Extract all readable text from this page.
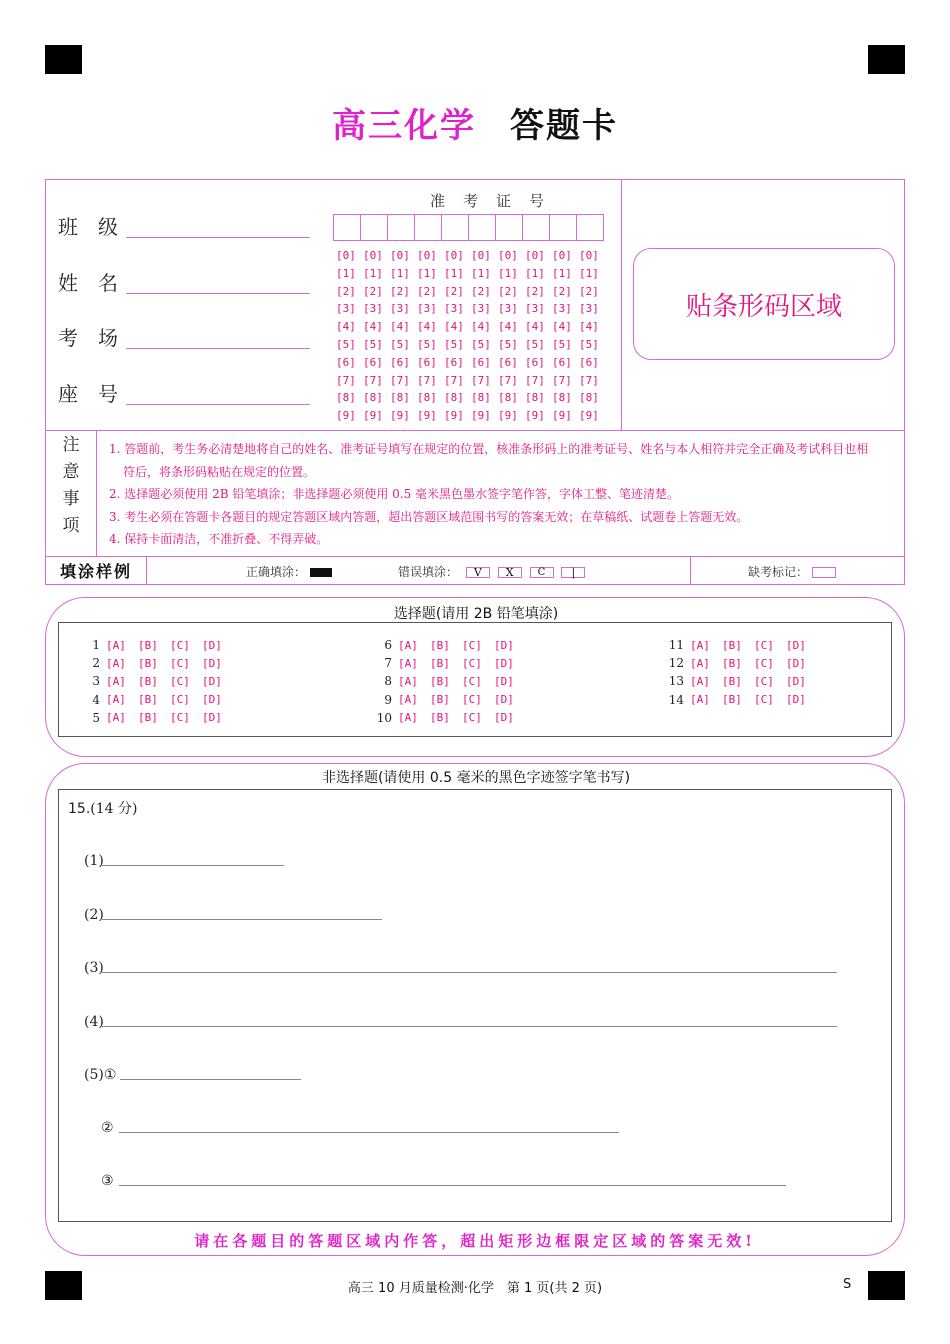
高三化学 答题卡
班　级
姓　名
考　场
座　号
准考证号
[0] [0] [0] [0] [0] [0] [0] [0] [0] [0]
[1] [1] [1] [1] [1] [1] [1] [1] [1] [1]
[2] [2] [2] [2] [2] [2] [2] [2] [2] [2]
[3] [3] [3] [3] [3] [3] [3] [3] [3] [3]
[4] [4] [4] [4] [4] [4] [4] [4] [4] [4]
[5] [5] [5] [5] [5] [5] [5] [5] [5] [5]
[6] [6] [6] [6] [6] [6] [6] [6] [6] [6]
[7] [7] [7] [7] [7] [7] [7] [7] [7] [7]
[8] [8] [8] [8] [8] [8] [8] [8] [8] [8]
[9] [9] [9] [9] [9] [9] [9] [9] [9] [9]
贴条形码区域
注
意
事
项
1. 答题前，考生务必清楚地将自己的姓名、准考证号填写在规定的位置，核准条形码上的准考证号、姓名与本人相符并完全正确及考试科目也相
符后，将条形码粘贴在规定的位置。
2. 选择题必须使用 2B 铅笔填涂；非选择题必须使用 0.5 毫米黑色墨水签字笔作答，字体工整、笔迹清楚。
3. 考生必须在答题卡各题目的规定答题区域内答题，超出答题区域范围书写的答案无效；在草稿纸、试题卷上答题无效。
4. 保持卡面清洁，不准折叠、不得弄破。
填涂样例	正确填涂：	错误填涂： V X C |	缺考标记：
选择题(请用 2B 铅笔填涂)
1 [A]	[B]	[C]	[D]
2 [A]	[B]	[C]	[D]
3 [A]	[B]	[C]	[D]
4 [A]	[B]	[C]	[D]
5 [A]	[B]	[C]	[D]
6 [A]	[B]	[C]	[D]
7 [A]	[B]	[C]	[D]
8 [A]	[B]	[C]	[D]
9 [A]	[B]	[C]	[D]
10 [A]	[B]	[C]	[D]
11 [A]	[B]	[C]	[D]
12 [A]	[B]	[C]	[D]
13 [A]	[B]	[C]	[D]
14 [A]	[B]	[C]	[D]
非选择题(请使用 0.5 毫米的黑色字迹签字笔书写)
15.(14 分)
(1)
(2)
(3)
(4)
(5)①
②
③
请在各题目的答题区域内作答，超出矩形边框限定区域的答案无效!
高三 10 月质量检测·化学　第 1 页(共 2 页)	S
